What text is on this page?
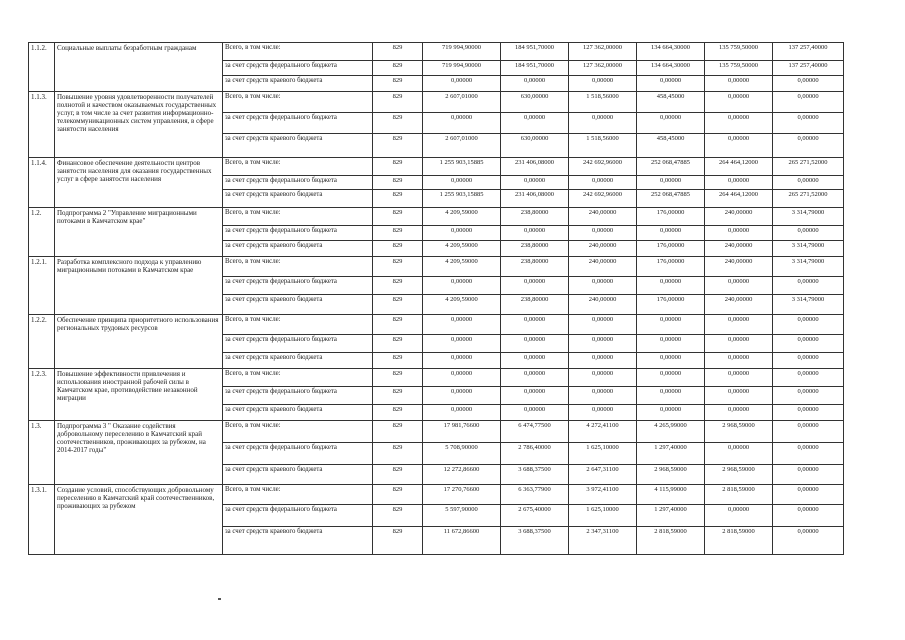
1.1.2.	Социальные выплаты безработным гражданам	Всего, в том числе:	829	719 994,90000	184 951,70000	127 362,00000	134 664,30000	135 759,50000	137 257,40000
		за счет средств федерального бюджета	829	719 994,90000	184 951,70000	127 362,00000	134 664,30000	135 759,50000	137 257,40000
		за счет средств краевого бюджета	829	0,00000	0,00000	0,00000	0,00000	0,00000	0,00000
1.1.3.	Повышение уровня удовлетворенности получателей полнотой и качеством оказываемых государственных услуг, в том числе за счет развития информационно-телекоммуникационных систем управления, в сфере занятости населения	Всего, в том числе:	829	2 607,01000	630,00000	1 518,56000	458,45000	0,00000	0,00000
		за счет средств федерального бюджета	829	0,00000	0,00000	0,00000	0,00000	0,00000	0,00000
		за счет средств краевого бюджета	829	2 607,01000	630,00000	1 518,56000	458,45000	0,00000	0,00000
1.1.4.	Финансовое обеспечение деятельности центров занятости населения для оказания государственных услуг в сфере занятости населения	Всего, в том числе:	829	1 255 903,15885	231 406,08000	242 692,96000	252 068,47885	264 464,12000	265 271,52000
		за счет средств федерального бюджета	829	0,00000	0,00000	0,00000	0,00000	0,00000	0,00000
		за счет средств краевого бюджета	829	1 255 903,15885	231 406,08000	242 692,96000	252 068,47885	264 464,12000	265 271,52000
1.2.	Подпрограмма 2 "Управление миграционными потоками в Камчатском крае"	Всего, в том числе:	829	4 209,59000	238,80000	240,00000	176,00000	240,00000	3 314,79000
		за счет средств федерального бюджета	829	0,00000	0,00000	0,00000	0,00000	0,00000	0,00000
		за счет средств краевого бюджета	829	4 209,59000	238,80000	240,00000	176,00000	240,00000	3 314,79000
1.2.1.	Разработка комплексного подхода к управлению миграционными потоками в Камчатском крае	Всего, в том числе:	829	4 209,59000	238,80000	240,00000	176,00000	240,00000	3 314,79000
		за счет средств федерального бюджета	829	0,00000	0,00000	0,00000	0,00000	0,00000	0,00000
		за счет средств краевого бюджета	829	4 209,59000	238,80000	240,00000	176,00000	240,00000	3 314,79000
1.2.2.	Обеспечение принципа приоритетного использования региональных трудовых ресурсов	Всего, в том числе:	829	0,00000	0,00000	0,00000	0,00000	0,00000	0,00000
		за счет средств федерального бюджета	829	0,00000	0,00000	0,00000	0,00000	0,00000	0,00000
		за счет средств краевого бюджета	829	0,00000	0,00000	0,00000	0,00000	0,00000	0,00000
1.2.3.	Повышение эффективности привлечения и использования иностранной рабочей силы в Камчатском крае, противодействие незаконной миграции	Всего, в том числе:	829	0,00000	0,00000	0,00000	0,00000	0,00000	0,00000
		за счет средств федерального бюджета	829	0,00000	0,00000	0,00000	0,00000	0,00000	0,00000
		за счет средств краевого бюджета	829	0,00000	0,00000	0,00000	0,00000	0,00000	0,00000
1.3.	Подпрограмма 3 " Оказание содействия добровольному переселению в Камчатский край соотечественников, проживающих за рубежом, на 2014-2017 годы"	Всего, в том числе:	829	17 981,76600	6 474,77500	4 272,41100	4 265,99000	2 968,59000	0,00000
		за счет средств федерального бюджета	829	5 708,90000	2 786,40000	1 625,10000	1 297,40000	0,00000	0,00000
		за счет средств краевого бюджета	829	12 272,86600	3 688,37500	2 647,31100	2 968,59000	2 968,59000	0,00000
1.3.1.	Создание условий, способствующих добровольному переселению в Камчатский край соотечественников, проживающих за рубежом	Всего, в том числе:	829	17 270,76600	6 363,77900	3 972,41100	4 115,99000	2 818,59000	0,00000
		за счет средств федерального бюджета	829	5 597,90000	2 675,40000	1 625,10000	1 297,40000	0,00000	0,00000
		за счет средств краевого бюджета	829	11 672,86600	3 688,37500	2 347,31100	2 818,59000	2 818,59000	0,00000
